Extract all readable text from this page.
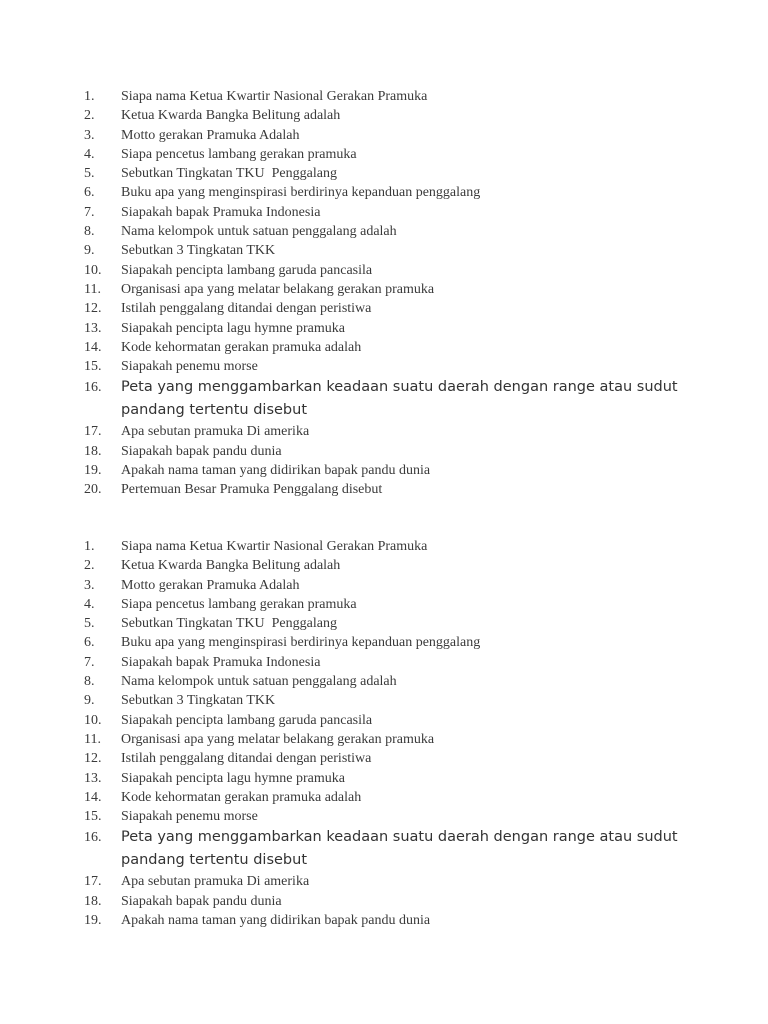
1.	Siapa nama Ketua Kwartir Nasional Gerakan Pramuka
2.	Ketua Kwarda Bangka Belitung adalah
3.	Motto gerakan Pramuka Adalah
4.	Siapa pencetus lambang gerakan pramuka
5.	Sebutkan Tingkatan TKU  Penggalang
6.	Buku apa yang menginspirasi berdirinya kepanduan penggalang
7.	Siapakah bapak Pramuka Indonesia
8.	Nama kelompok untuk satuan penggalang adalah
9.	Sebutkan 3 Tingkatan TKK
10.	Siapakah pencipta lambang garuda pancasila
11.	Organisasi apa yang melatar belakang gerakan pramuka
12.	Istilah penggalang ditandai dengan peristiwa
13.	Siapakah pencipta lagu hymne pramuka
14.	Kode kehormatan gerakan pramuka adalah
15.	Siapakah penemu morse
16.	Peta yang menggambarkan keadaan suatu daerah dengan range atau sudut pandang tertentu disebut
17.	Apa sebutan pramuka Di amerika
18.	Siapakah bapak pandu dunia
19.	Apakah nama taman yang didirikan bapak pandu dunia
20.	Pertemuan Besar Pramuka Penggalang disebut
1.	Siapa nama Ketua Kwartir Nasional Gerakan Pramuka
2.	Ketua Kwarda Bangka Belitung adalah
3.	Motto gerakan Pramuka Adalah
4.	Siapa pencetus lambang gerakan pramuka
5.	Sebutkan Tingkatan TKU  Penggalang
6.	Buku apa yang menginspirasi berdirinya kepanduan penggalang
7.	Siapakah bapak Pramuka Indonesia
8.	Nama kelompok untuk satuan penggalang adalah
9.	Sebutkan 3 Tingkatan TKK
10.	Siapakah pencipta lambang garuda pancasila
11.	Organisasi apa yang melatar belakang gerakan pramuka
12.	Istilah penggalang ditandai dengan peristiwa
13.	Siapakah pencipta lagu hymne pramuka
14.	Kode kehormatan gerakan pramuka adalah
15.	Siapakah penemu morse
16.	Peta yang menggambarkan keadaan suatu daerah dengan range atau sudut pandang tertentu disebut
17.	Apa sebutan pramuka Di amerika
18.	Siapakah bapak pandu dunia
19.	Apakah nama taman yang didirikan bapak pandu dunia
